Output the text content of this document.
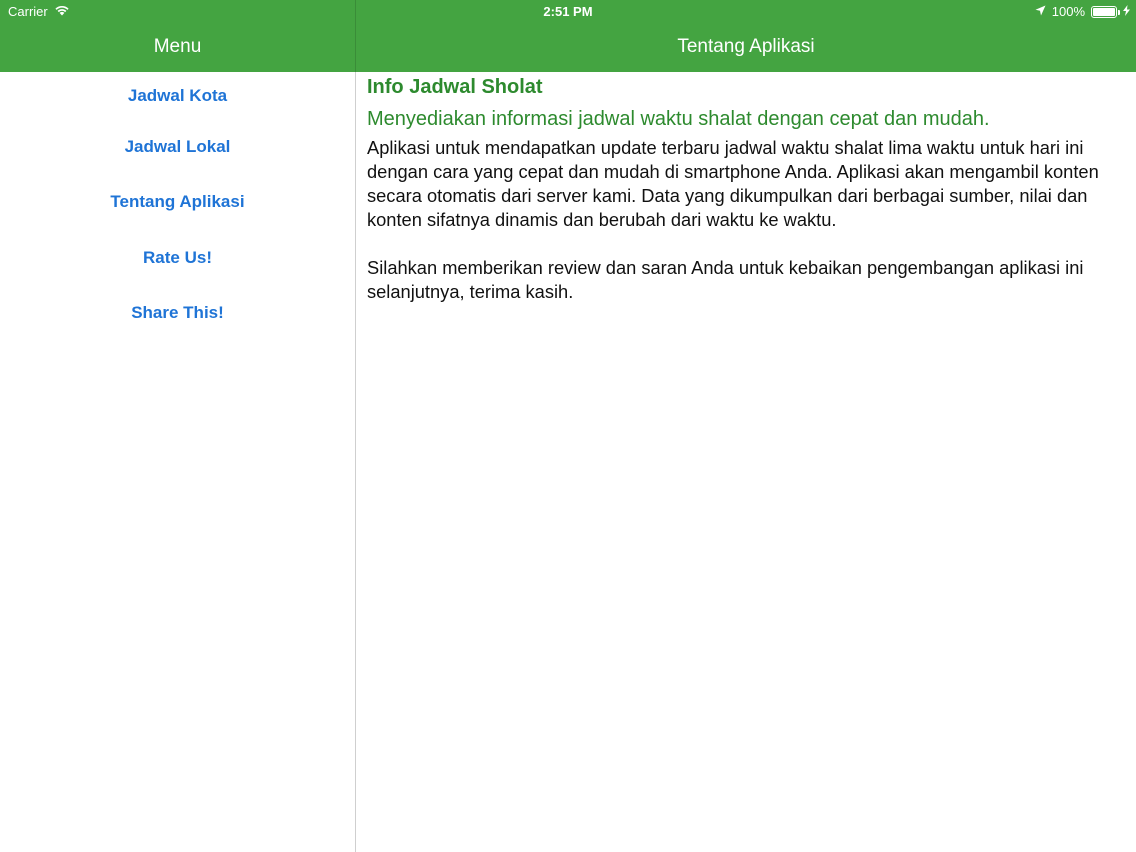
Carrier	2:51 PM	100%
Menu	Tentang Aplikasi
Jadwal Kota
Jadwal Lokal
Tentang Aplikasi
Rate Us!
Share This!
Info Jadwal Sholat
Menyediakan informasi jadwal waktu shalat dengan cepat dan mudah.
Aplikasi untuk mendapatkan update terbaru jadwal waktu shalat lima waktu untuk hari ini dengan cara yang cepat dan mudah di smartphone Anda. Aplikasi akan mengambil konten secara otomatis dari server kami. Data yang dikumpulkan dari berbagai sumber, nilai dan konten sifatnya dinamis dan berubah dari waktu ke waktu.
Silahkan memberikan review dan saran Anda untuk kebaikan pengembangan aplikasi ini selanjutnya, terima kasih.
